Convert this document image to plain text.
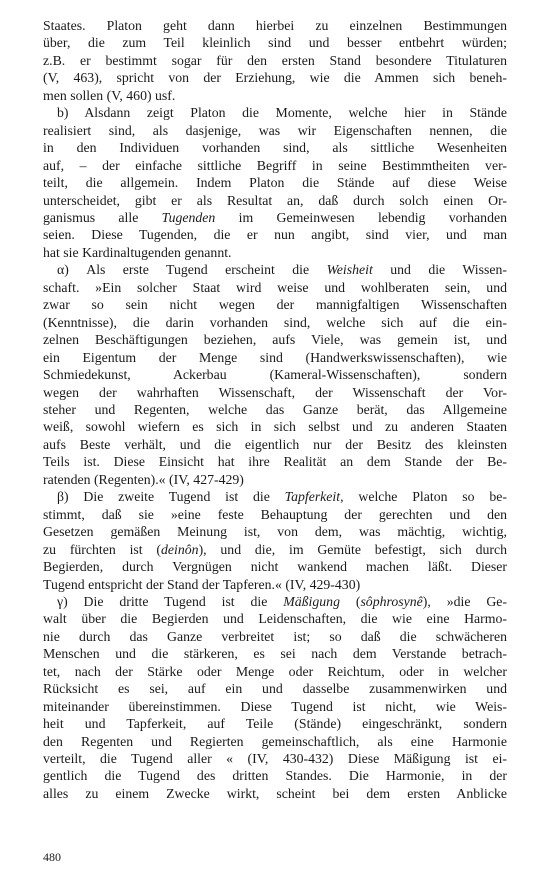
Staates. Platon geht dann hierbei zu einzelnen Bestimmungen
über, die zum Teil kleinlich sind und besser entbehrt würden;
z.B. er bestimmt sogar für den ersten Stand besondere Titulaturen
(V, 463), spricht von der Erziehung, wie die Ammen sich beneh-
men sollen (V, 460) usf.
b) Alsdann zeigt Platon die Momente, welche hier in Stände
realisiert sind, als dasjenige, was wir Eigenschaften nennen, die
in den Individuen vorhanden sind, als sittliche Wesenheiten
auf, – der einfache sittliche Begriff in seine Bestimmtheiten ver-
teilt, die allgemein. Indem Platon die Stände auf diese Weise
unterscheidet, gibt er als Resultat an, daß durch solch einen Or-
ganismus alle Tugenden im Gemeinwesen lebendig vorhanden
seien. Diese Tugenden, die er nun angibt, sind vier, und man
hat sie Kardinaltugenden genannt.
α) Als erste Tugend erscheint die Weisheit und die Wissen-
schaft. »Ein solcher Staat wird weise und wohlberaten sein, und
zwar so sein nicht wegen der mannigfaltigen Wissenschaften
(Kenntnisse), die darin vorhanden sind, welche sich auf die ein-
zelnen Beschäftigungen beziehen, aufs Viele, was gemein ist, und
ein Eigentum der Menge sind (Handwerkswissenschaften), wie
Schmiedekunst, Ackerbau (Kameral-Wissenschaften), sondern
wegen der wahrhaften Wissenschaft, der Wissenschaft der Vor-
steher und Regenten, welche das Ganze berät, das Allgemeine
weiß, sowohl wiefern es sich in sich selbst und zu anderen Staaten
aufs Beste verhält, und die eigentlich nur der Besitz des kleinsten
Teils ist. Diese Einsicht hat ihre Realität an dem Stande der Be-
ratenden (Regenten).« (IV, 427-429)
β) Die zweite Tugend ist die Tapferkeit, welche Platon so be-
stimmt, daß sie »eine feste Behauptung der gerechten und den
Gesetzen gemäßen Meinung ist, von dem, was mächtig, wichtig,
zu fürchten ist (deinôn), und die, im Gemüte befestigt, sich durch
Begierden, durch Vergnügen nicht wankend machen läßt. Dieser
Tugend entspricht der Stand der Tapferen.« (IV, 429-430)
γ) Die dritte Tugend ist die Mäßigung (sôphrosynê), »die Ge-
walt über die Begierden und Leidenschaften, die wie eine Harmo-
nie durch das Ganze verbreitet ist; so daß die schwächeren
Menschen und die stärkeren, es sei nach dem Verstande betrach-
tet, nach der Stärke oder Menge oder Reichtum, oder in welcher
Rücksicht es sei, auf ein und dasselbe zusammenwirken und
miteinander übereinstimmen. Diese Tugend ist nicht, wie Weis-
heit und Tapferkeit, auf Teile (Stände) eingeschränkt, sondern
den Regenten und Regierten gemeinschaftlich, als eine Harmonie
verteilt, die Tugend aller « (IV, 430-432) Diese Mäßigung ist ei-
gentlich die Tugend des dritten Standes. Die Harmonie, in der
alles zu einem Zwecke wirkt, scheint bei dem ersten Anblicke
480
